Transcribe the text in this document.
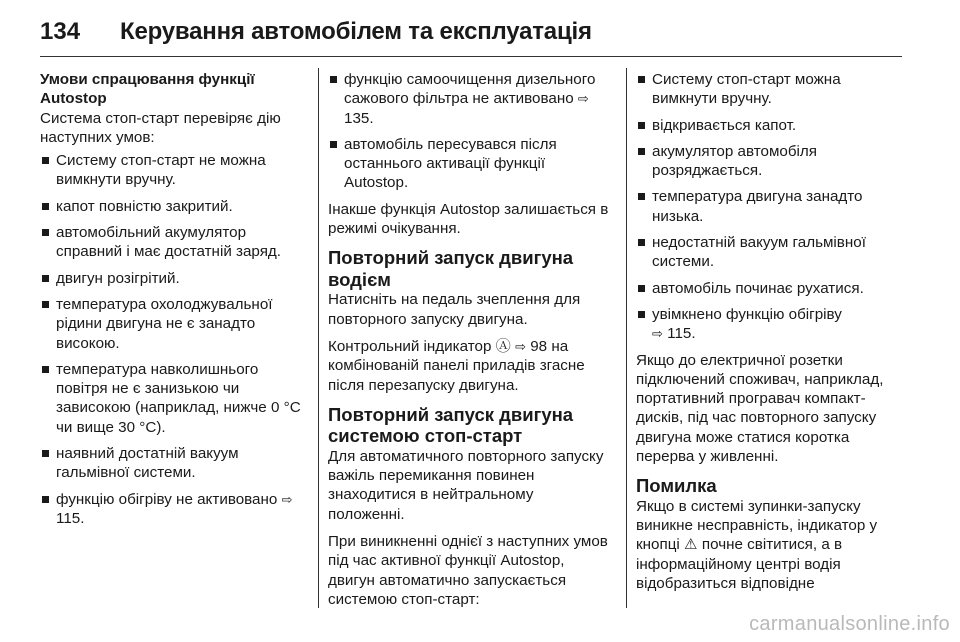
134	Керування автомобілем та експлуатація
Умови спрацювання функції
Autostop
Система стоп-старт перевіряє дію наступних умов:
Систему стоп-старт не можна вимкнути вручну.
капот повністю закритий.
автомобільний акумулятор справний і має достатній заряд.
двигун розігрітий.
температура охолоджувальної рідини двигуна не є занадто високою.
температура навколишнього повітря не є занизькою чи зависокою (наприклад, нижче 0 °C чи вище 30 °C).
наявний достатній вакуум гальмівної системи.
функцію обігріву не активовано ⇨ 115.
функцію самоочищення дизельного сажового фільтра не активовано ⇨ 135.
автомобіль пересувався після останнього активації функції Autostop.
Інакше функція Autostop залишається в режимі очікування.
Повторний запуск двигуна водієм
Натисніть на педаль зчеплення для повторного запуску двигуна.
Контрольний індикатор Ⓐ ⇨ 98 на комбінованій панелі приладів згасне після перезапуску двигуна.
Повторний запуск двигуна системою стоп-старт
Для автоматичного повторного запуску важіль перемикання повинен знаходитися в нейтральному положенні.
При виникненні однієї з наступних умов під час активної функції Autostop, двигун автоматично запускається системою стоп-старт:
Систему стоп-старт можна вимкнути вручну.
відкривається капот.
акумулятор автомобіля розряджається.
температура двигуна занадто низька.
недостатній вакуум гальмівної системи.
автомобіль починає рухатися.
увімкнено функцію обігріву
⇨ 115.
Якщо до електричної розетки підключений споживач, наприклад, портативний програвач компакт-дисків, під час повторного запуску двигуна може статися коротка перерва у живленні.
Помилка
Якщо в системі зупинки-запуску виникне несправність, індикатор у кнопці ⚠ почне світитися, а в інформаційному центрі водія відобразиться відповідне
carmanualsonline.info
